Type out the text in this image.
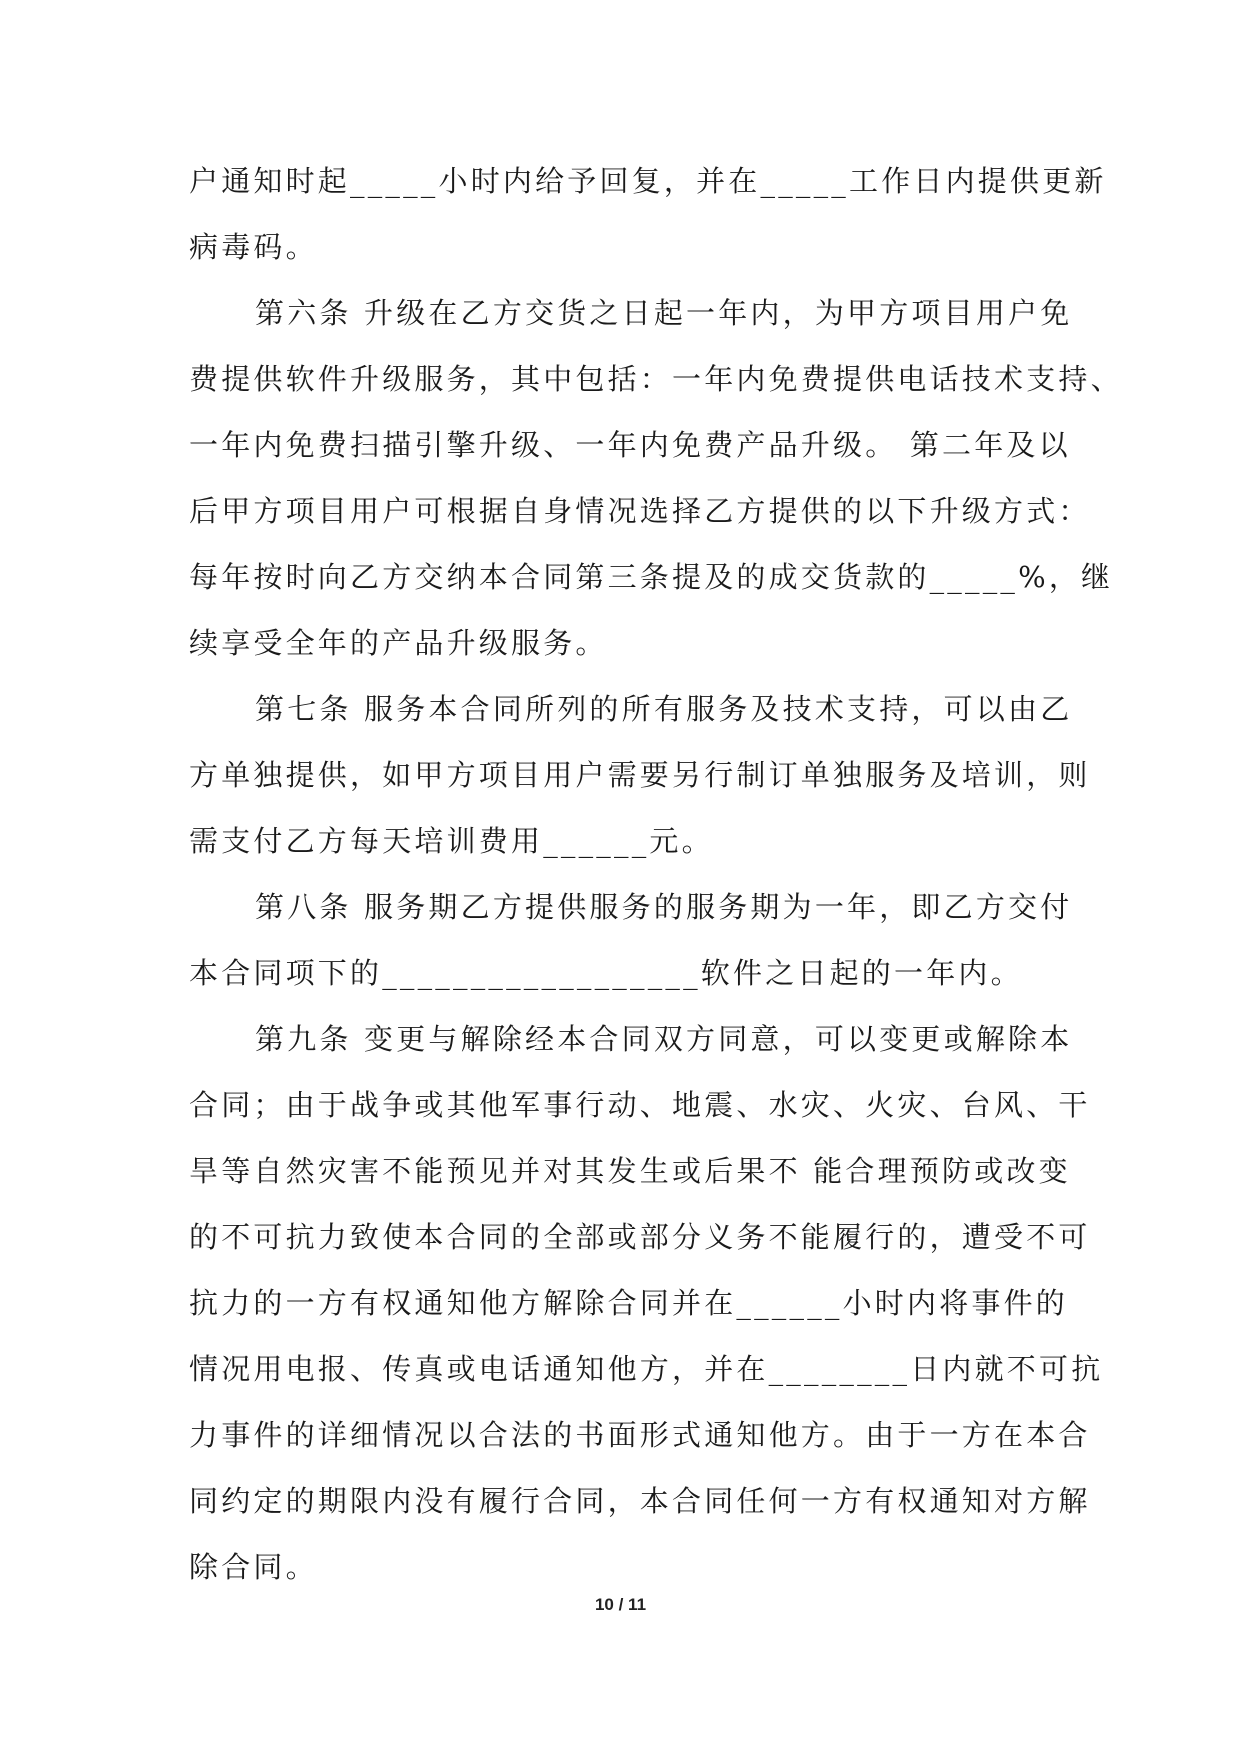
户通知时起_____小时内给予回复，并在_____工作日内提供更新
病毒码。
第六条 升级在乙方交货之日起一年内，为甲方项目用户免
费提供软件升级服务，其中包括：一年内免费提供电话技术支持、
一年内免费扫描引擎升级、一年内免费产品升级。 第二年及以
后甲方项目用户可根据自身情况选择乙方提供的以下升级方式：
每年按时向乙方交纳本合同第三条提及的成交货款的_____%，继
续享受全年的产品升级服务。
第七条 服务本合同所列的所有服务及技术支持，可以由乙
方单独提供，如甲方项目用户需要另行制订单独服务及培训，则
需支付乙方每天培训费用______元。
第八条 服务期乙方提供服务的服务期为一年，即乙方交付
本合同项下的__________________软件之日起的一年内。
第九条 变更与解除经本合同双方同意，可以变更或解除本
合同；由于战争或其他军事行动、地震、水灾、火灾、台风、干
旱等自然灾害不能预见并对其发生或后果不 能合理预防或改变
的不可抗力致使本合同的全部或部分义务不能履行的，遭受不可
抗力的一方有权通知他方解除合同并在______小时内将事件的
情况用电报、传真或电话通知他方，并在________日内就不可抗
力事件的详细情况以合法的书面形式通知他方。由于一方在本合
同约定的期限内没有履行合同，本合同任何一方有权通知对方解
除合同。
10 / 11
